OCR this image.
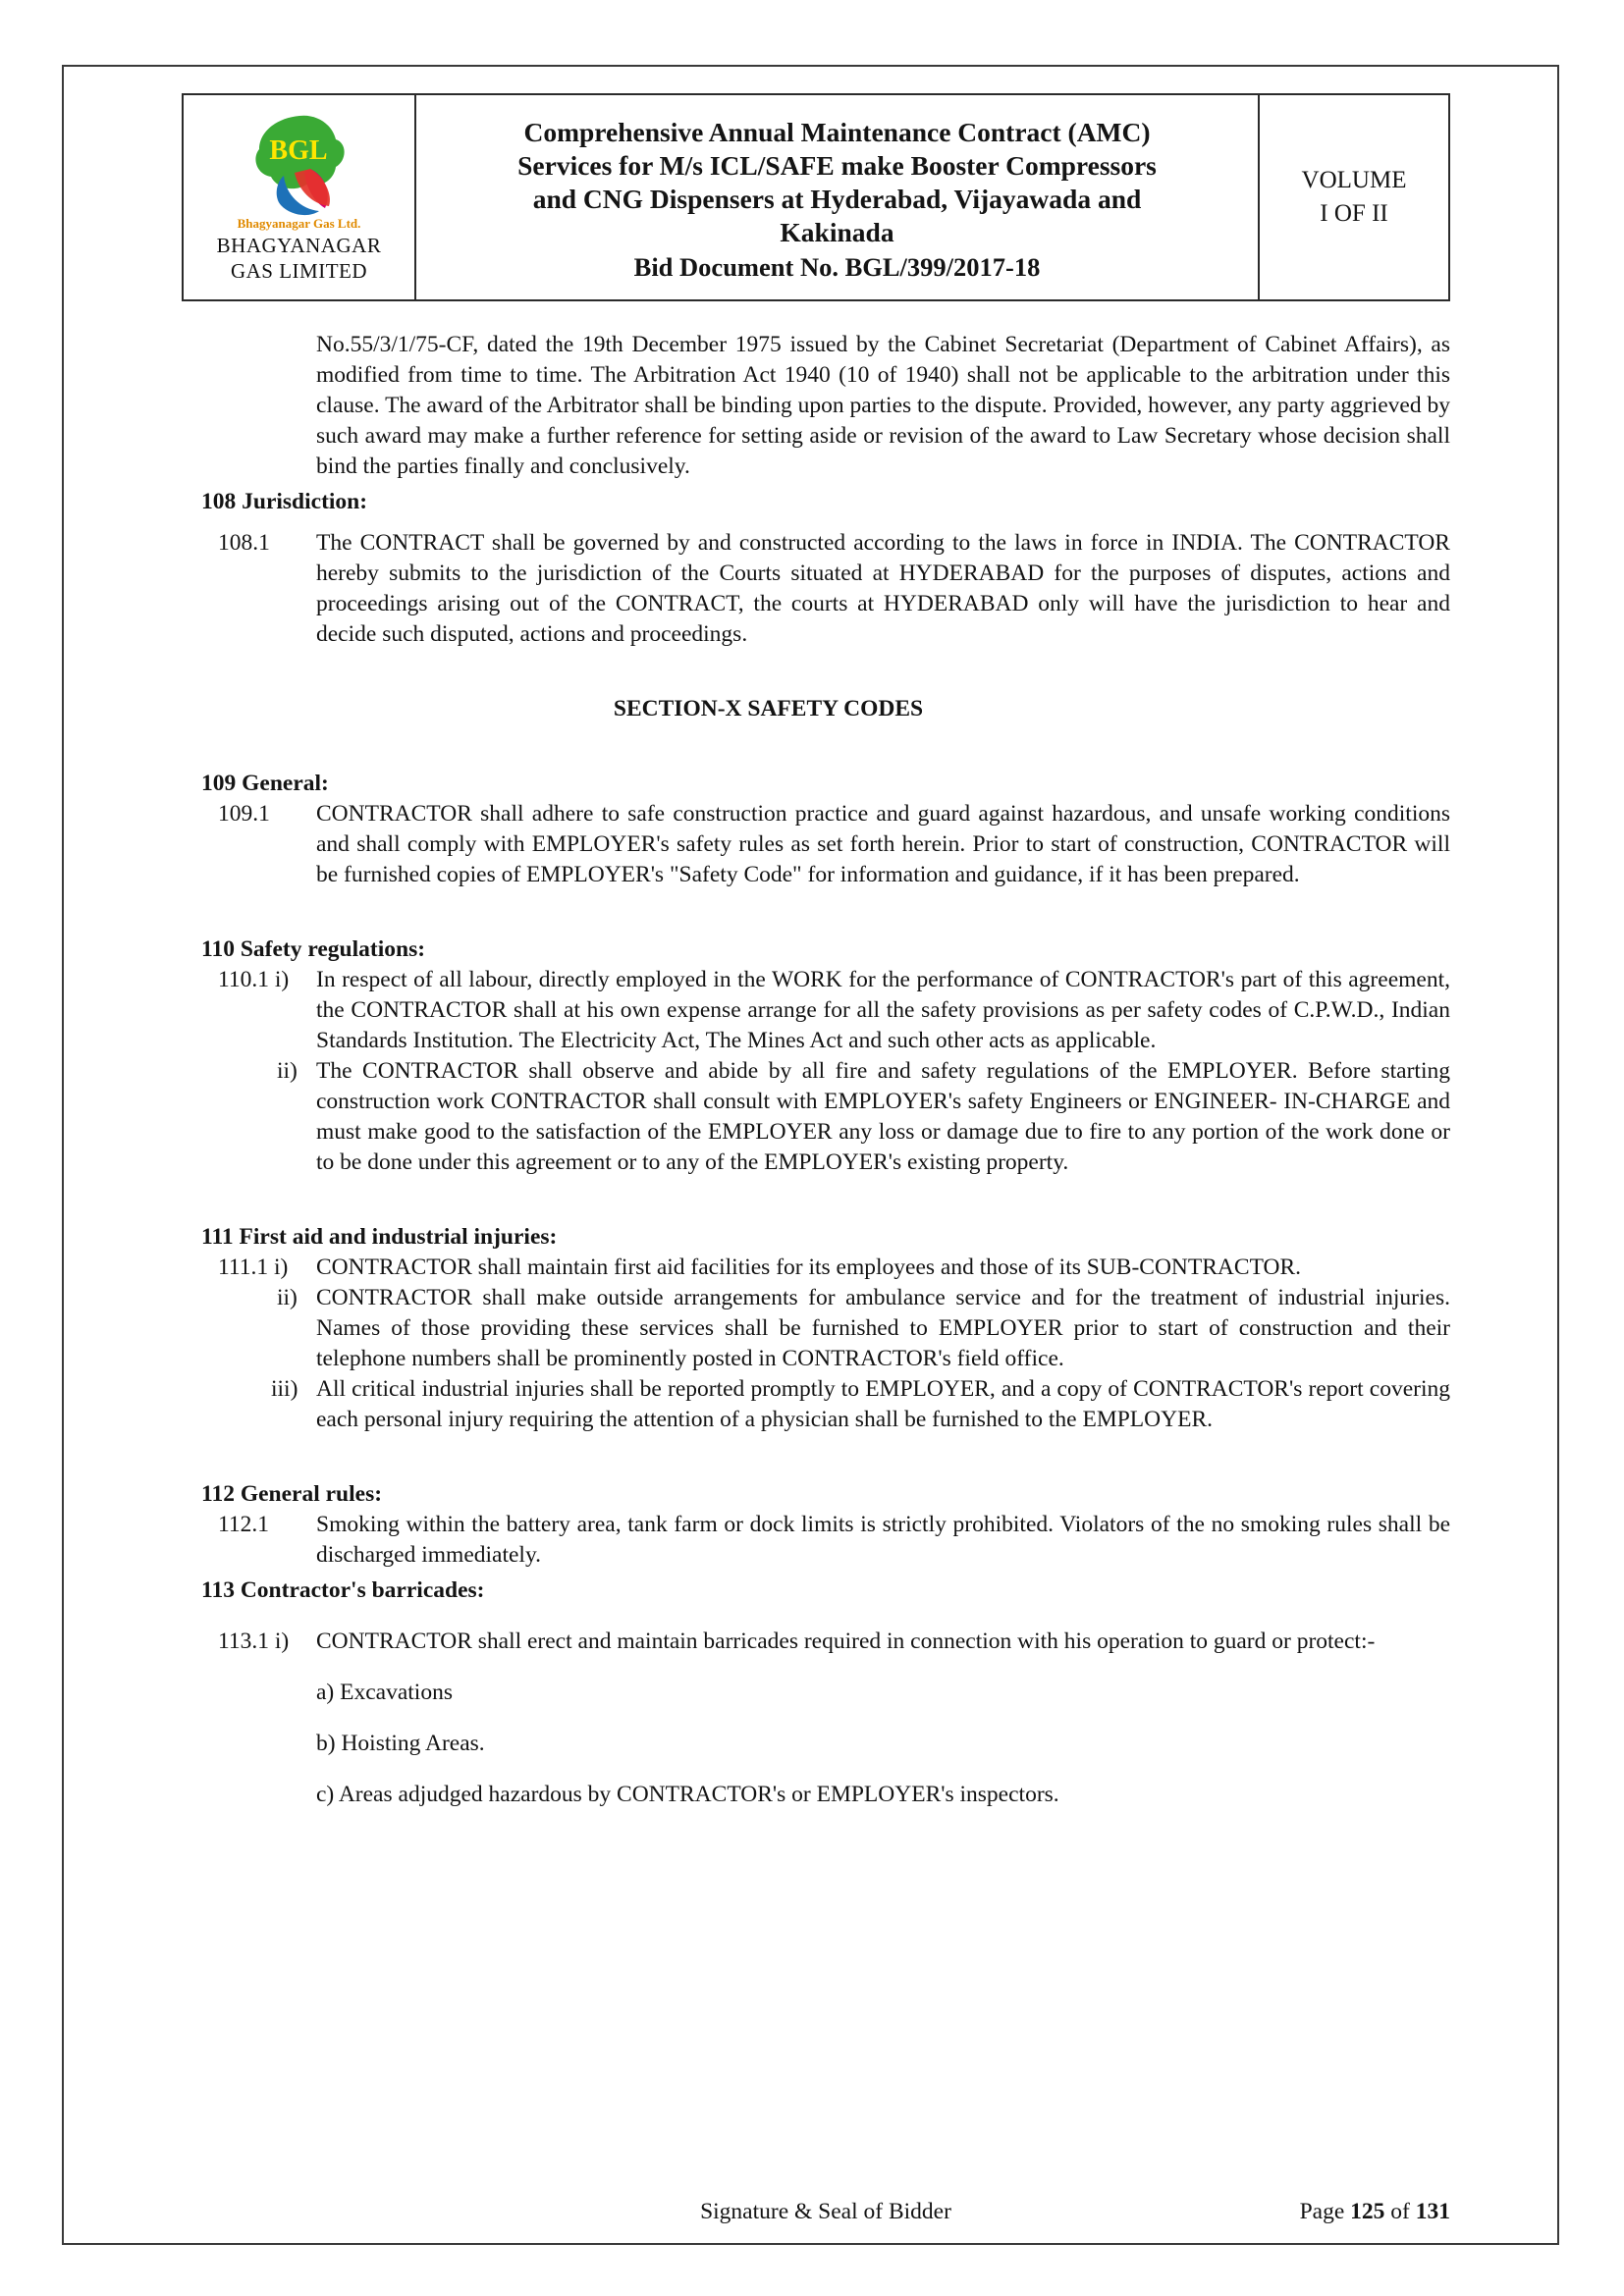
BGL
Bhagyanagar Gas Ltd.
BHAGYANAGAR
GAS LIMITED
Comprehensive Annual Maintenance Contract (AMC)
Services for M/s ICL/SAFE make Booster Compressors
and CNG Dispensers at Hyderabad, Vijayawada and
Kakinada
Bid Document No. BGL/399/2017-18
VOLUME
I OF II
No.55/3/1/75-CF, dated the 19th December 1975 issued by the Cabinet Secretariat (Department of Cabinet Affairs), as modified from time to time. The Arbitration Act 1940 (10 of 1940) shall not be applicable to the arbitration under this clause. The award of the Arbitrator shall be binding upon parties to the dispute. Provided, however, any party aggrieved by such award may make a further reference for setting aside or revision of the award to Law Secretary whose decision shall bind the parties finally and conclusively.
108 Jurisdiction:
108.1	The CONTRACT shall be governed by and constructed according to the laws in force in INDIA. The CONTRACTOR hereby submits to the jurisdiction of the Courts situated at HYDERABAD for the purposes of disputes, actions and proceedings arising out of the CONTRACT, the courts at HYDERABAD only will have the jurisdiction to hear and decide such disputed, actions and proceedings.
SECTION-X SAFETY CODES
109 General:
109.1	CONTRACTOR shall adhere to safe construction practice and guard against hazardous, and unsafe working conditions and shall comply with EMPLOYER's safety rules as set forth herein. Prior to start of construction, CONTRACTOR will be furnished copies of EMPLOYER's "Safety Code" for information and guidance, if it has been prepared.
110 Safety regulations:
110.1 i)	In respect of all labour, directly employed in the WORK for the performance of CONTRACTOR's part of this agreement, the CONTRACTOR shall at his own expense arrange for all the safety provisions as per safety codes of C.P.W.D., Indian Standards Institution. The Electricity Act, The Mines Act and such other acts as applicable.
ii) The CONTRACTOR shall observe and abide by all fire and safety regulations of the EMPLOYER. Before starting construction work CONTRACTOR shall consult with EMPLOYER's safety Engineers or ENGINEER- IN-CHARGE and must make good to the satisfaction of the EMPLOYER any loss or damage due to fire to any portion of the work done or to be done under this agreement or to any of the EMPLOYER's existing property.
111 First aid and industrial injuries:
111.1 i)	CONTRACTOR shall maintain first aid facilities for its employees and those of its SUB-CONTRACTOR.
ii) CONTRACTOR shall make outside arrangements for ambulance service and for the treatment of industrial injuries. Names of those providing these services shall be furnished to EMPLOYER prior to start of construction and their telephone numbers shall be prominently posted in CONTRACTOR's field office.
iii) All critical industrial injuries shall be reported promptly to EMPLOYER, and a copy of CONTRACTOR's report covering each personal injury requiring the attention of a physician shall be furnished to the EMPLOYER.
112 General rules:
112.1	Smoking within the battery area, tank farm or dock limits is strictly prohibited. Violators of the no smoking rules shall be discharged immediately.
113 Contractor's barricades:
113.1 i)	CONTRACTOR shall erect and maintain barricades required in connection with his operation to guard or protect:-
a) Excavations
b) Hoisting Areas.
c) Areas adjudged hazardous by CONTRACTOR's or EMPLOYER's inspectors.
Signature & Seal of Bidder	Page 125 of 131
